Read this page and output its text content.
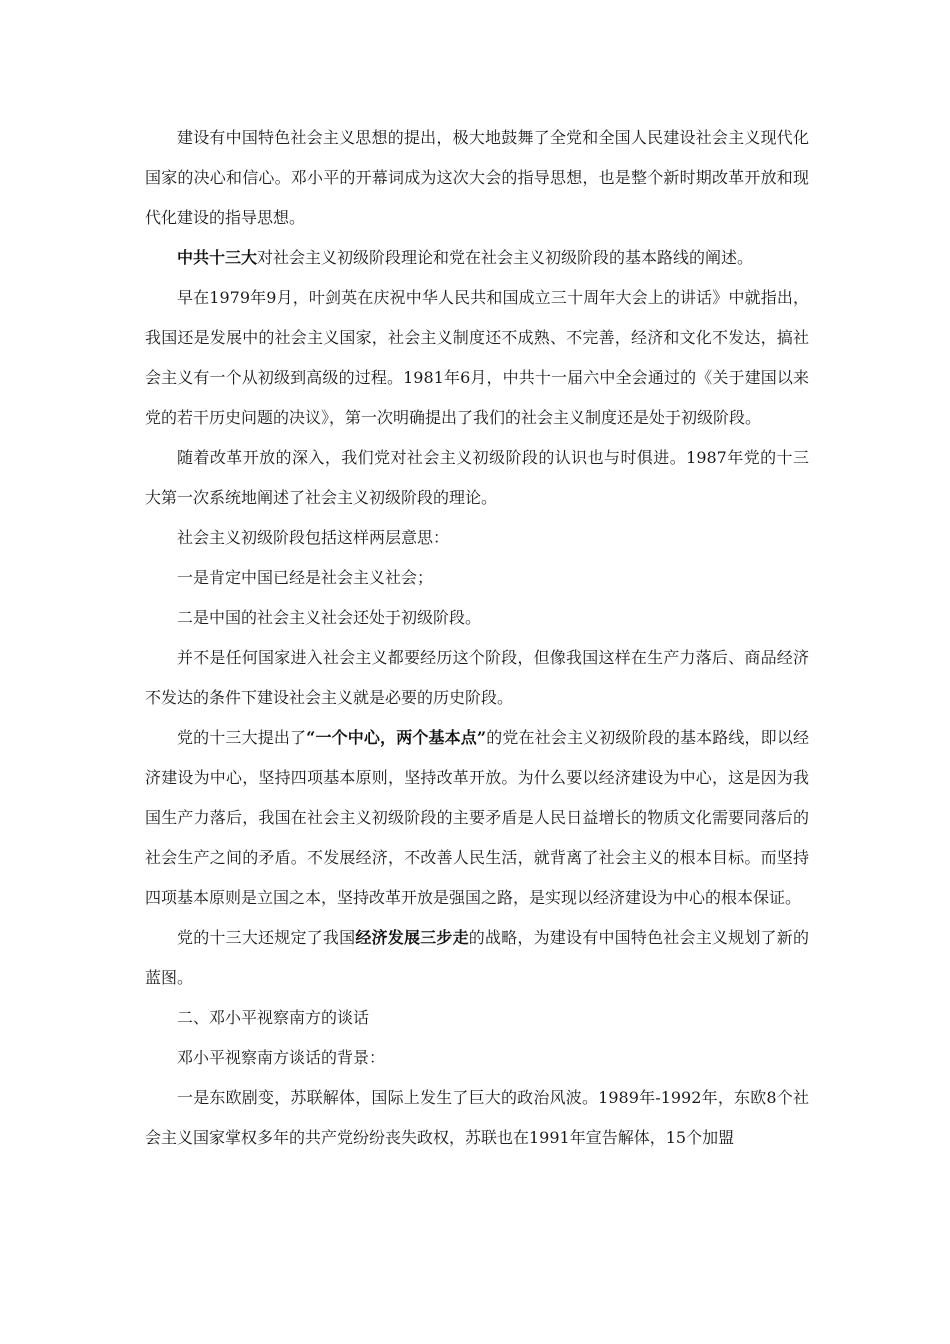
建设有中国特色社会主义思想的提出，极大地鼓舞了全党和全国人民建设社会主义现代化国家的决心和信心。邓小平的开幕词成为这次大会的指导思想，也是整个新时期改革开放和现代化建设的指导思想。

中共十三大对社会主义初级阶段理论和党在社会主义初级阶段的基本路线的阐述。

早在1979年9月，叶剑英在庆祝中华人民共和国成立三十周年大会上的讲话》中就指出，我国还是发展中的社会主义国家，社会主义制度还不成熟、不完善，经济和文化不发达，搞社会主义有一个从初级到高级的过程。1981年6月，中共十一届六中全会通过的《关于建国以来党的若干历史问题的决议》，第一次明确提出了我们的社会主义制度还是处于初级阶段。

随着改革开放的深入，我们党对社会主义初级阶段的认识也与时俱进。1987年党的十三大第一次系统地阐述了社会主义初级阶段的理论。

社会主义初级阶段包括这样两层意思：

一是肯定中国已经是社会主义社会；

二是中国的社会主义社会还处于初级阶段。

并不是任何国家进入社会主义都要经历这个阶段，但像我国这样在生产力落后、商品经济不发达的条件下建设社会主义就是必要的历史阶段。

党的十三大提出了“一个中心，两个基本点”的党在社会主义初级阶段的基本路线，即以经济建设为中心，坚持四项基本原则，坚持改革开放。为什么要以经济建设为中心，这是因为我国生产力落后，我国在社会主义初级阶段的主要矛盾是人民日益增长的物质文化需要同落后的社会生产之间的矛盾。不发展经济，不改善人民生活，就背离了社会主义的根本目标。而坚持四项基本原则是立国之本，坚持改革开放是强国之路，是实现以经济建设为中心的根本保证。

党的十三大还规定了我国经济发展三步走的战略，为建设有中国特色社会主义规划了新的蓝图。

二、邓小平视察南方的谈话

邓小平视察南方谈话的背景：

一是东欧剧变，苏联解体，国际上发生了巨大的政治风波。1989年-1992年，东欧8个社会主义国家掌权多年的共产党纷纷丧失政权，苏联也在1991年宣告解体，15个加盟
